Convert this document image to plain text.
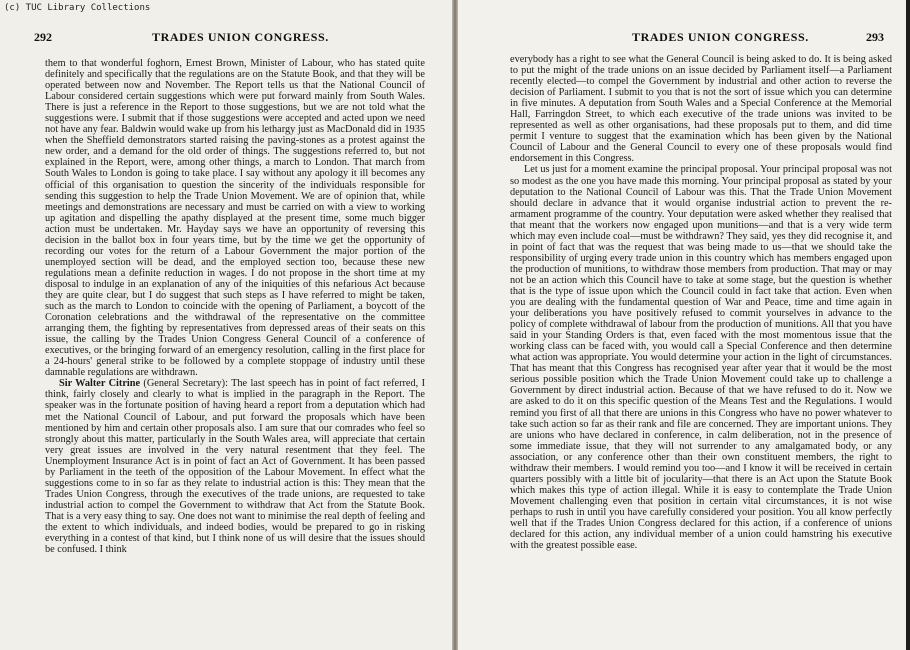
(c) TUC Library Collections
292	TRADES UNION CONGRESS.

them to that wonderful foghorn, Ernest Brown, Minister of Labour, who has stated quite definitely and specifically that the regulations are on the Statute Book, and that they will be operated between now and November. The Report tells us that the National Council of Labour considered certain suggestions which were put forward mainly from South Wales. There is just a reference in the Report to those suggestions, but we are not told what the suggestions were. I submit that if those suggestions were accepted and acted upon we need not have any fear. Baldwin would wake up from his lethargy just as MacDonald did in 1935 when the Sheffield demonstrators started raising the paving-stones as a protest against the new order, and a demand for the old order of things. The suggestions referred to, but not explained in the Report, were, among other things, a march to London. That march from South Wales to London is going to take place. I say without any apology it ill becomes any official of this organisation to question the sincerity of the individuals responsible for sending this suggestion to help the Trade Union Movement. We are of opinion that, while meetings and demonstrations are necessary and must be carried on with a view to working up agitation and dispelling the apathy displayed at the present time, some much bigger action must be undertaken. Mr. Hayday says we have an opportunity of reversing this decision in the ballot box in four years time, but by the time we get the opportunity of recording our votes for the return of a Labour Government the major portion of the unemployed section will be dead, and the employed section too, because these new regulations mean a definite reduction in wages. I do not propose in the short time at my disposal to indulge in an explanation of any of the iniquities of this nefarious Act because they are quite clear, but I do suggest that such steps as I have referred to might be taken, such as the march to London to coincide with the opening of Parliament, a boycott of the Coronation celebrations and the withdrawal of the representative on the committee arranging them, the fighting by representatives from depressed areas of their seats on this issue, the calling by the Trades Union Congress General Council of a conference of executives, or the bringing forward of an emergency resolution, calling in the first place for a 24-hours' general strike to be followed by a complete stoppage of industry until these damnable regulations are withdrawn.

Sir Walter Citrine (General Secretary): The last speech has in point of fact referred, I think, fairly closely and clearly to what is implied in the paragraph in the Report. The speaker was in the fortunate position of having heard a report from a deputation which had met the National Council of Labour, and put forward the proposals which have been mentioned by him and certain other proposals also. I am sure that our comrades who feel so strongly about this matter, particularly in the South Wales area, will appreciate that certain very great issues are involved in the very natural resentment that they feel. The Unemployment Insurance Act is in point of fact an Act of Government. It has been passed by Parliament in the teeth of the opposition of the Labour Movement. In effect what the suggestions come to in so far as they relate to industrial action is this: They mean that the Trades Union Congress, through the executives of the trade unions, are requested to take industrial action to compel the Government to withdraw that Act from the Statute Book. That is a very easy thing to say. One does not want to minimise the real depth of feeling and the extent to which individuals, and indeed bodies, would be prepared to go in risking everything in a contest of that kind, but I think none of us will desire that the issues should be confused. I think

TRADES UNION CONGRESS.	293

everybody has a right to see what the General Council is being asked to do. It is being asked to put the might of the trade unions on an issue decided by Parliament itself—a Parliament recently elected—to compel the Government by industrial and other action to reverse the decision of Parliament. I submit to you that is not the sort of issue which you can determine in five minutes. A deputation from South Wales and a Special Conference at the Memorial Hall, Farringdon Street, to which each executive of the trade unions was invited to be represented as well as other organisations, had these proposals put to them, and did time permit I venture to suggest that the examination which has been given by the National Council of Labour and the General Council to every one of these proposals would find endorsement in this Congress.

Let us just for a moment examine the principal proposal. Your principal proposal was not so modest as the one you have made this morning. Your principal proposal as stated by your deputation to the National Council of Labour was this. That the Trade Union Movement should declare in advance that it would organise industrial action to prevent the re-armament programme of the country. Your deputation were asked whether they realised that that meant that the workers now engaged upon munitions—and that is a very wide term which may even include coal—must be withdrawn? They said, yes they did recognise it, and in point of fact that was the request that was being made to us—that we should take the responsibility of urging every trade union in this country which has members engaged upon the production of munitions, to withdraw those members from production. That may or may not be an action which this Council have to take at some stage, but the question is whether that is the type of issue upon which the Council could in fact take that action. Even when you are dealing with the fundamental question of War and Peace, time and time again in your deliberations you have positively refused to commit yourselves in advance to the policy of complete withdrawal of labour from the production of munitions. All that you have said in your Standing Orders is that, even faced with the most momentous issue that the working class can be faced with, you would call a Special Conference and then determine what action was appropriate. You would determine your action in the light of circumstances. That has meant that this Congress has recognised year after year that it would be the most serious possible position which the Trade Union Movement could take up to challenge a Government by direct industrial action. Because of that we have refused to do it. Now we are asked to do it on this specific question of the Means Test and the Regulations. I would remind you first of all that there are unions in this Congress who have no power whatever to take such action so far as their rank and file are concerned. They are important unions. They are unions who have declared in conference, in calm deliberation, not in the presence of some immediate issue, that they will not surrender to any amalgamated body, or any association, or any conference other than their own constituent members, the right to withdraw their members. I would remind you too—and I know it will be received in certain quarters possibly with a little bit of jocularity—that there is an Act upon the Statute Book which makes this type of action illegal. While it is easy to contemplate the Trade Union Movement challenging even that position in certain vital circumstances, it is not wise perhaps to rush in until you have carefully considered your position. You all know perfectly well that if the Trades Union Congress declared for this action, if a conference of unions declared for this action, any individual member of a union could hamstring his executive with the greatest possible ease.
